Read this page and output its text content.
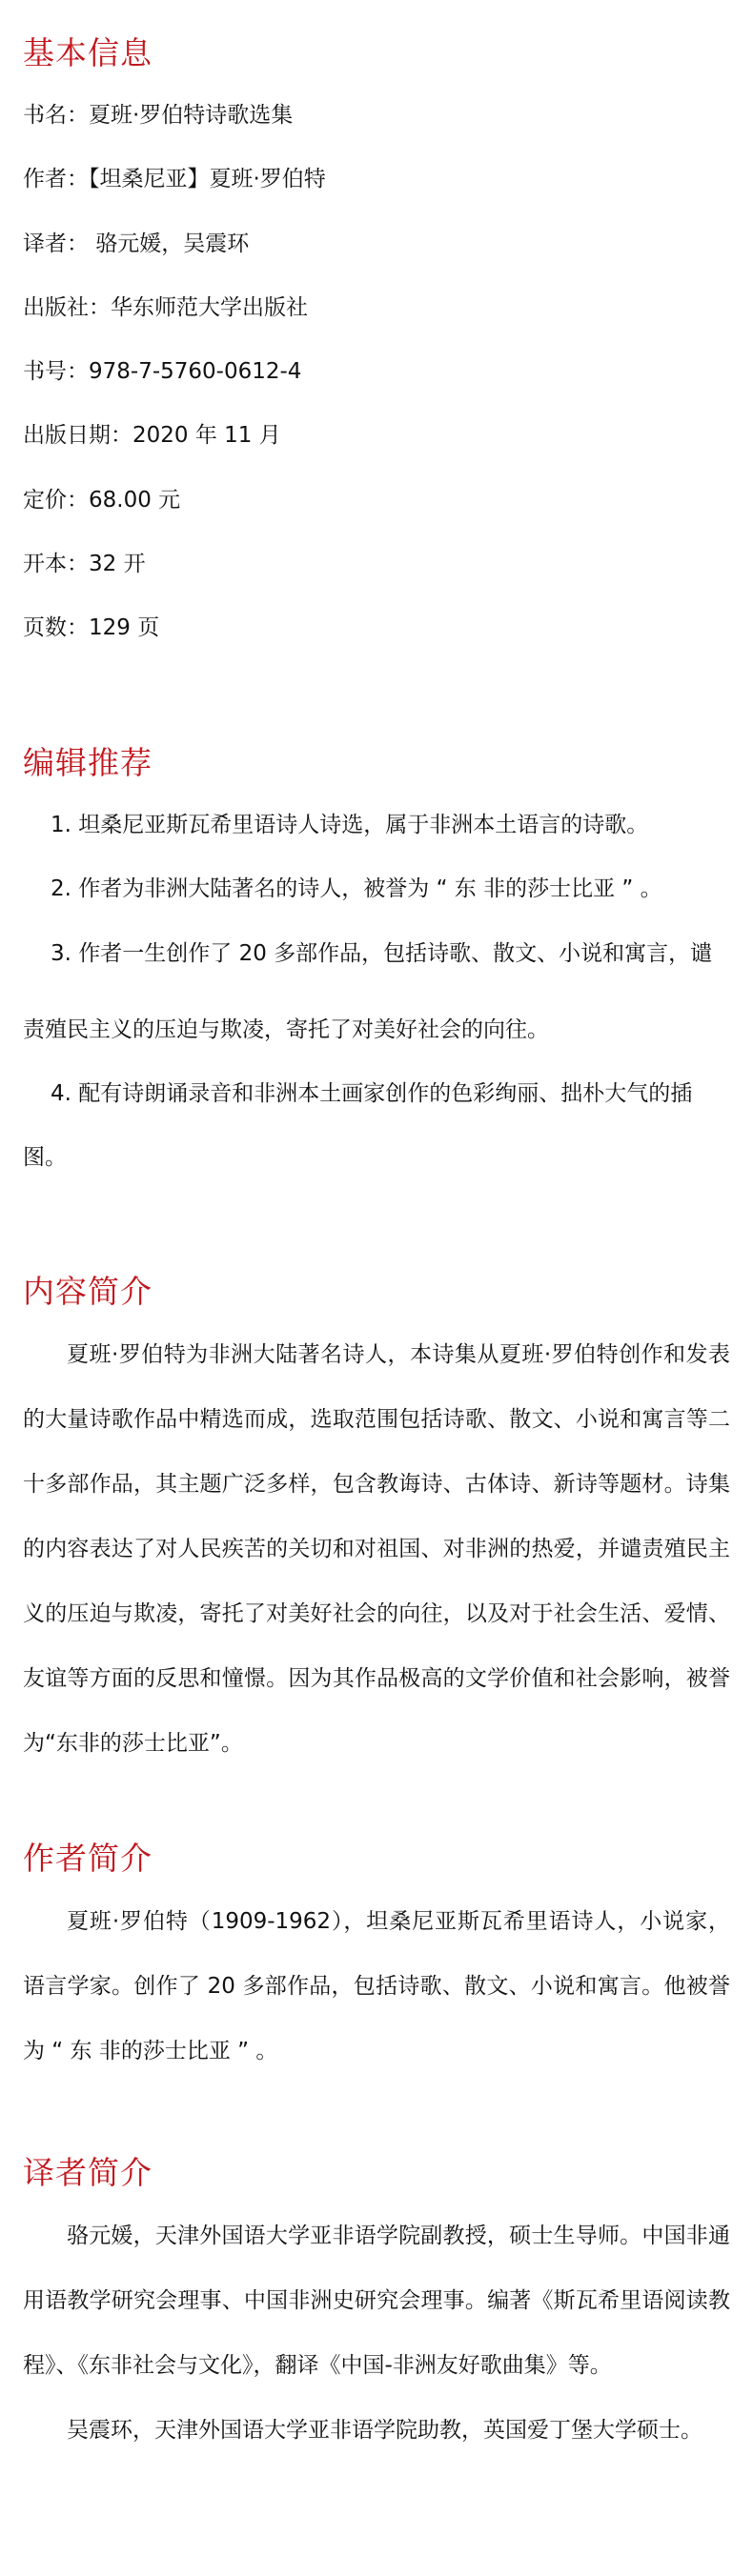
基本信息
书名：夏班·罗伯特诗歌选集
作者：【坦桑尼亚】夏班·罗伯特
译者： 骆元媛，吴震环
出版社：华东师范大学出版社
书号：978-7-5760-0612-4
出版日期：2020 年 11 月
定价：68.00 元
开本：32 开
页数：129 页
编辑推荐
1. 坦桑尼亚斯瓦希里语诗人诗选，属于非洲本土语言的诗歌。
2. 作者为非洲大陆著名的诗人，被誉为 “ 东 非的莎士比亚 ” 。
3. 作者一生创作了 20 多部作品，包括诗歌、散文、小说和寓言，谴
责殖民主义的压迫与欺凌，寄托了对美好社会的向往。
4. 配有诗朗诵录音和非洲本土画家创作的色彩绚丽、拙朴大气的插
图。
内容简介
夏班·罗伯特为非洲大陆著名诗人，本诗集从夏班·罗伯特创作和发表的大量诗歌作品中精选而成，选取范围包括诗歌、散文、小说和寓言等二十多部作品，其主题广泛多样，包含教诲诗、古体诗、新诗等题材。诗集的内容表达了对人民疾苦的关切和对祖国、对非洲的热爱，并谴责殖民主义的压迫与欺凌，寄托了对美好社会的向往，以及对于社会生活、爱情、友谊等方面的反思和憧憬。因为其作品极高的文学价值和社会影响，被誉为“东非的莎士比亚”。
作者简介
夏班·罗伯特（1909-1962），坦桑尼亚斯瓦希里语诗人，小说家，语言学家。创作了 20 多部作品，包括诗歌、散文、小说和寓言。他被誉为 “ 东 非的莎士比亚 ” 。
译者简介
骆元媛，天津外国语大学亚非语学院副教授，硕士生导师。中国非通用语教学研究会理事、中国非洲史研究会理事。编著《斯瓦希里语阅读教程》、《东非社会与文化》，翻译《中国-非洲友好歌曲集》等。
吴震环，天津外国语大学亚非语学院助教，英国爱丁堡大学硕士。
